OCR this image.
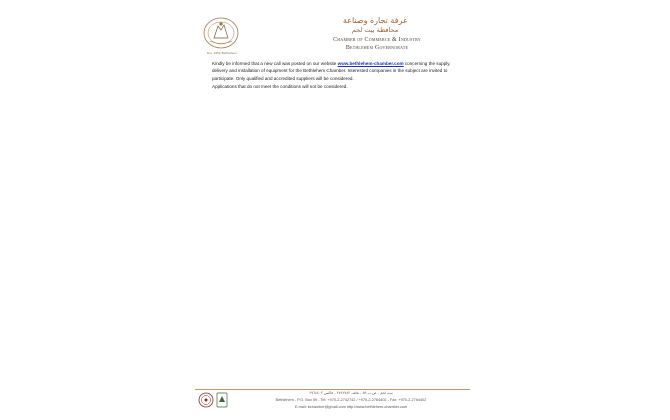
Est. 1952 Bethlehem
غرفة تجارة وصناعة
محافظة بيت لحم
Chamber of Commerce & Industry
Bethlehem Governorate

Kindly be informed that a new call was posted on our website www.bethlehem-chamber.com concerning the supply, delivery and installation of equipment for the Bethlehem Chamber. Interested companies in the subject are invited to participate. Only qualified and accredited suppliers will be considered.

Applications that do not meet the conditions will not be considered.

بيت لحم - ص.ب ٥٩ - هاتف ٢٧٤٢٧٤٢ - فاكس ٢٧٦٤٤٠٢
Bethlehem - P.O. Box 59 - Tel: +970-2-2742742 / +970-2-2764402 - Fax: +970-2-2764402
E-mail: bchamber@gmail.com http://www.bethlehem-chamber.com
